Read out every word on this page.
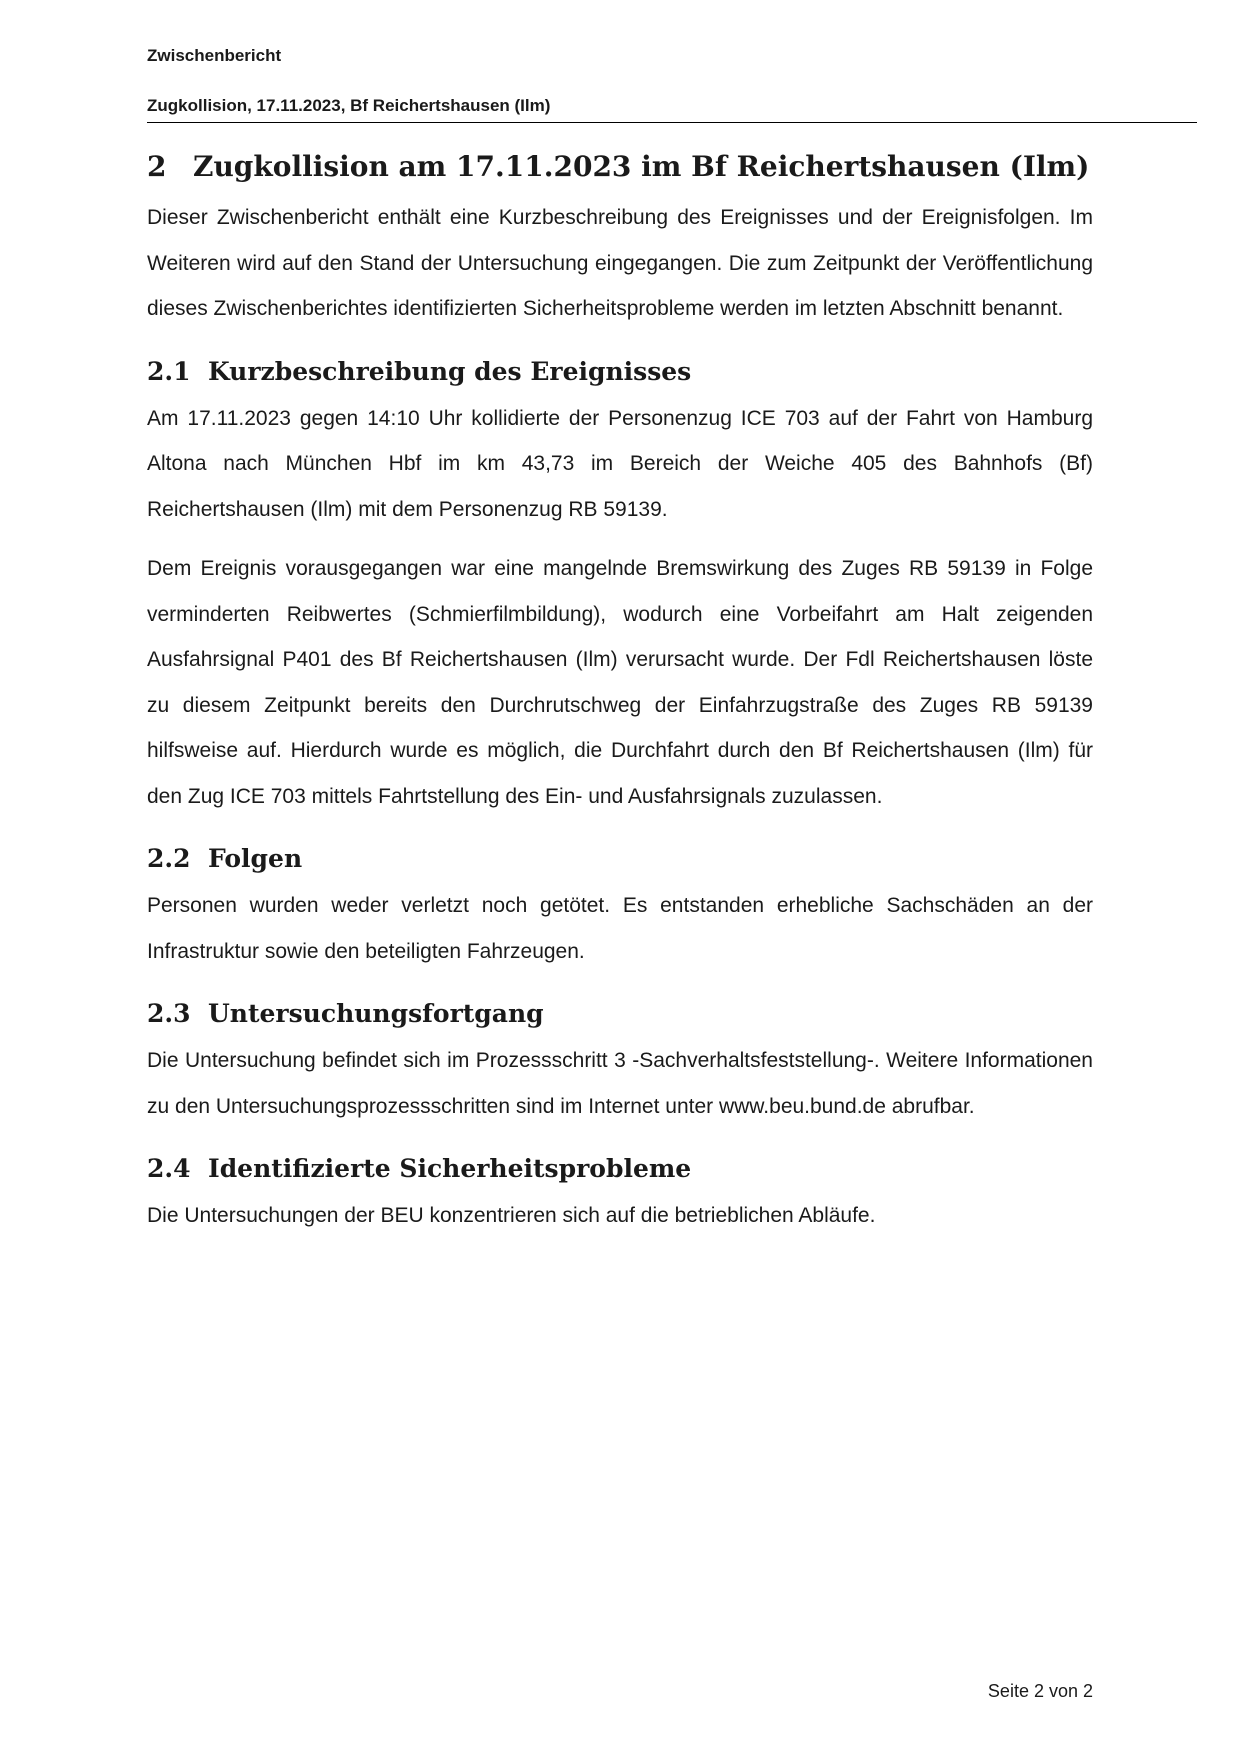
Zwischenbericht
Zugkollision, 17.11.2023, Bf Reichertshausen (Ilm)
2 Zugkollision am 17.11.2023 im Bf Reichertshausen (Ilm)

Dieser Zwischenbericht enthält eine Kurzbeschreibung des Ereignisses und der Ereignisfolgen. Im Weiteren wird auf den Stand der Untersuchung eingegangen. Die zum Zeitpunkt der Veröffentlichung dieses Zwischenberichtes identifizierten Sicherheitsprobleme werden im letzten Abschnitt benannt.

2.1 Kurzbeschreibung des Ereignisses

Am 17.11.2023 gegen 14:10 Uhr kollidierte der Personenzug ICE 703 auf der Fahrt von Hamburg Altona nach München Hbf im km 43,73 im Bereich der Weiche 405 des Bahnhofs (Bf) Reichertshausen (Ilm) mit dem Personenzug RB 59139.

Dem Ereignis vorausgegangen war eine mangelnde Bremswirkung des Zuges RB 59139 in Folge verminderten Reibwertes (Schmierfilmbildung), wodurch eine Vorbeifahrt am Halt zeigenden Ausfahrsignal P401 des Bf Reichertshausen (Ilm) verursacht wurde. Der Fdl Reichertshausen löste zu diesem Zeitpunkt bereits den Durchrutschweg der Einfahrzugstraße des Zuges RB 59139 hilfsweise auf. Hierdurch wurde es möglich, die Durchfahrt durch den Bf Reichertshausen (Ilm) für den Zug ICE 703 mittels Fahrtstellung des Ein- und Ausfahrsignals zuzulassen.

2.2 Folgen

Personen wurden weder verletzt noch getötet. Es entstanden erhebliche Sachschäden an der Infrastruktur sowie den beteiligten Fahrzeugen.

2.3 Untersuchungsfortgang

Die Untersuchung befindet sich im Prozessschritt 3 -Sachverhaltsfeststellung-. Weitere Informationen zu den Untersuchungsprozessschritten sind im Internet unter www.beu.bund.de abrufbar.

2.4 Identifizierte Sicherheitsprobleme

Die Untersuchungen der BEU konzentrieren sich auf die betrieblichen Abläufe.

Seite 2 von 2
